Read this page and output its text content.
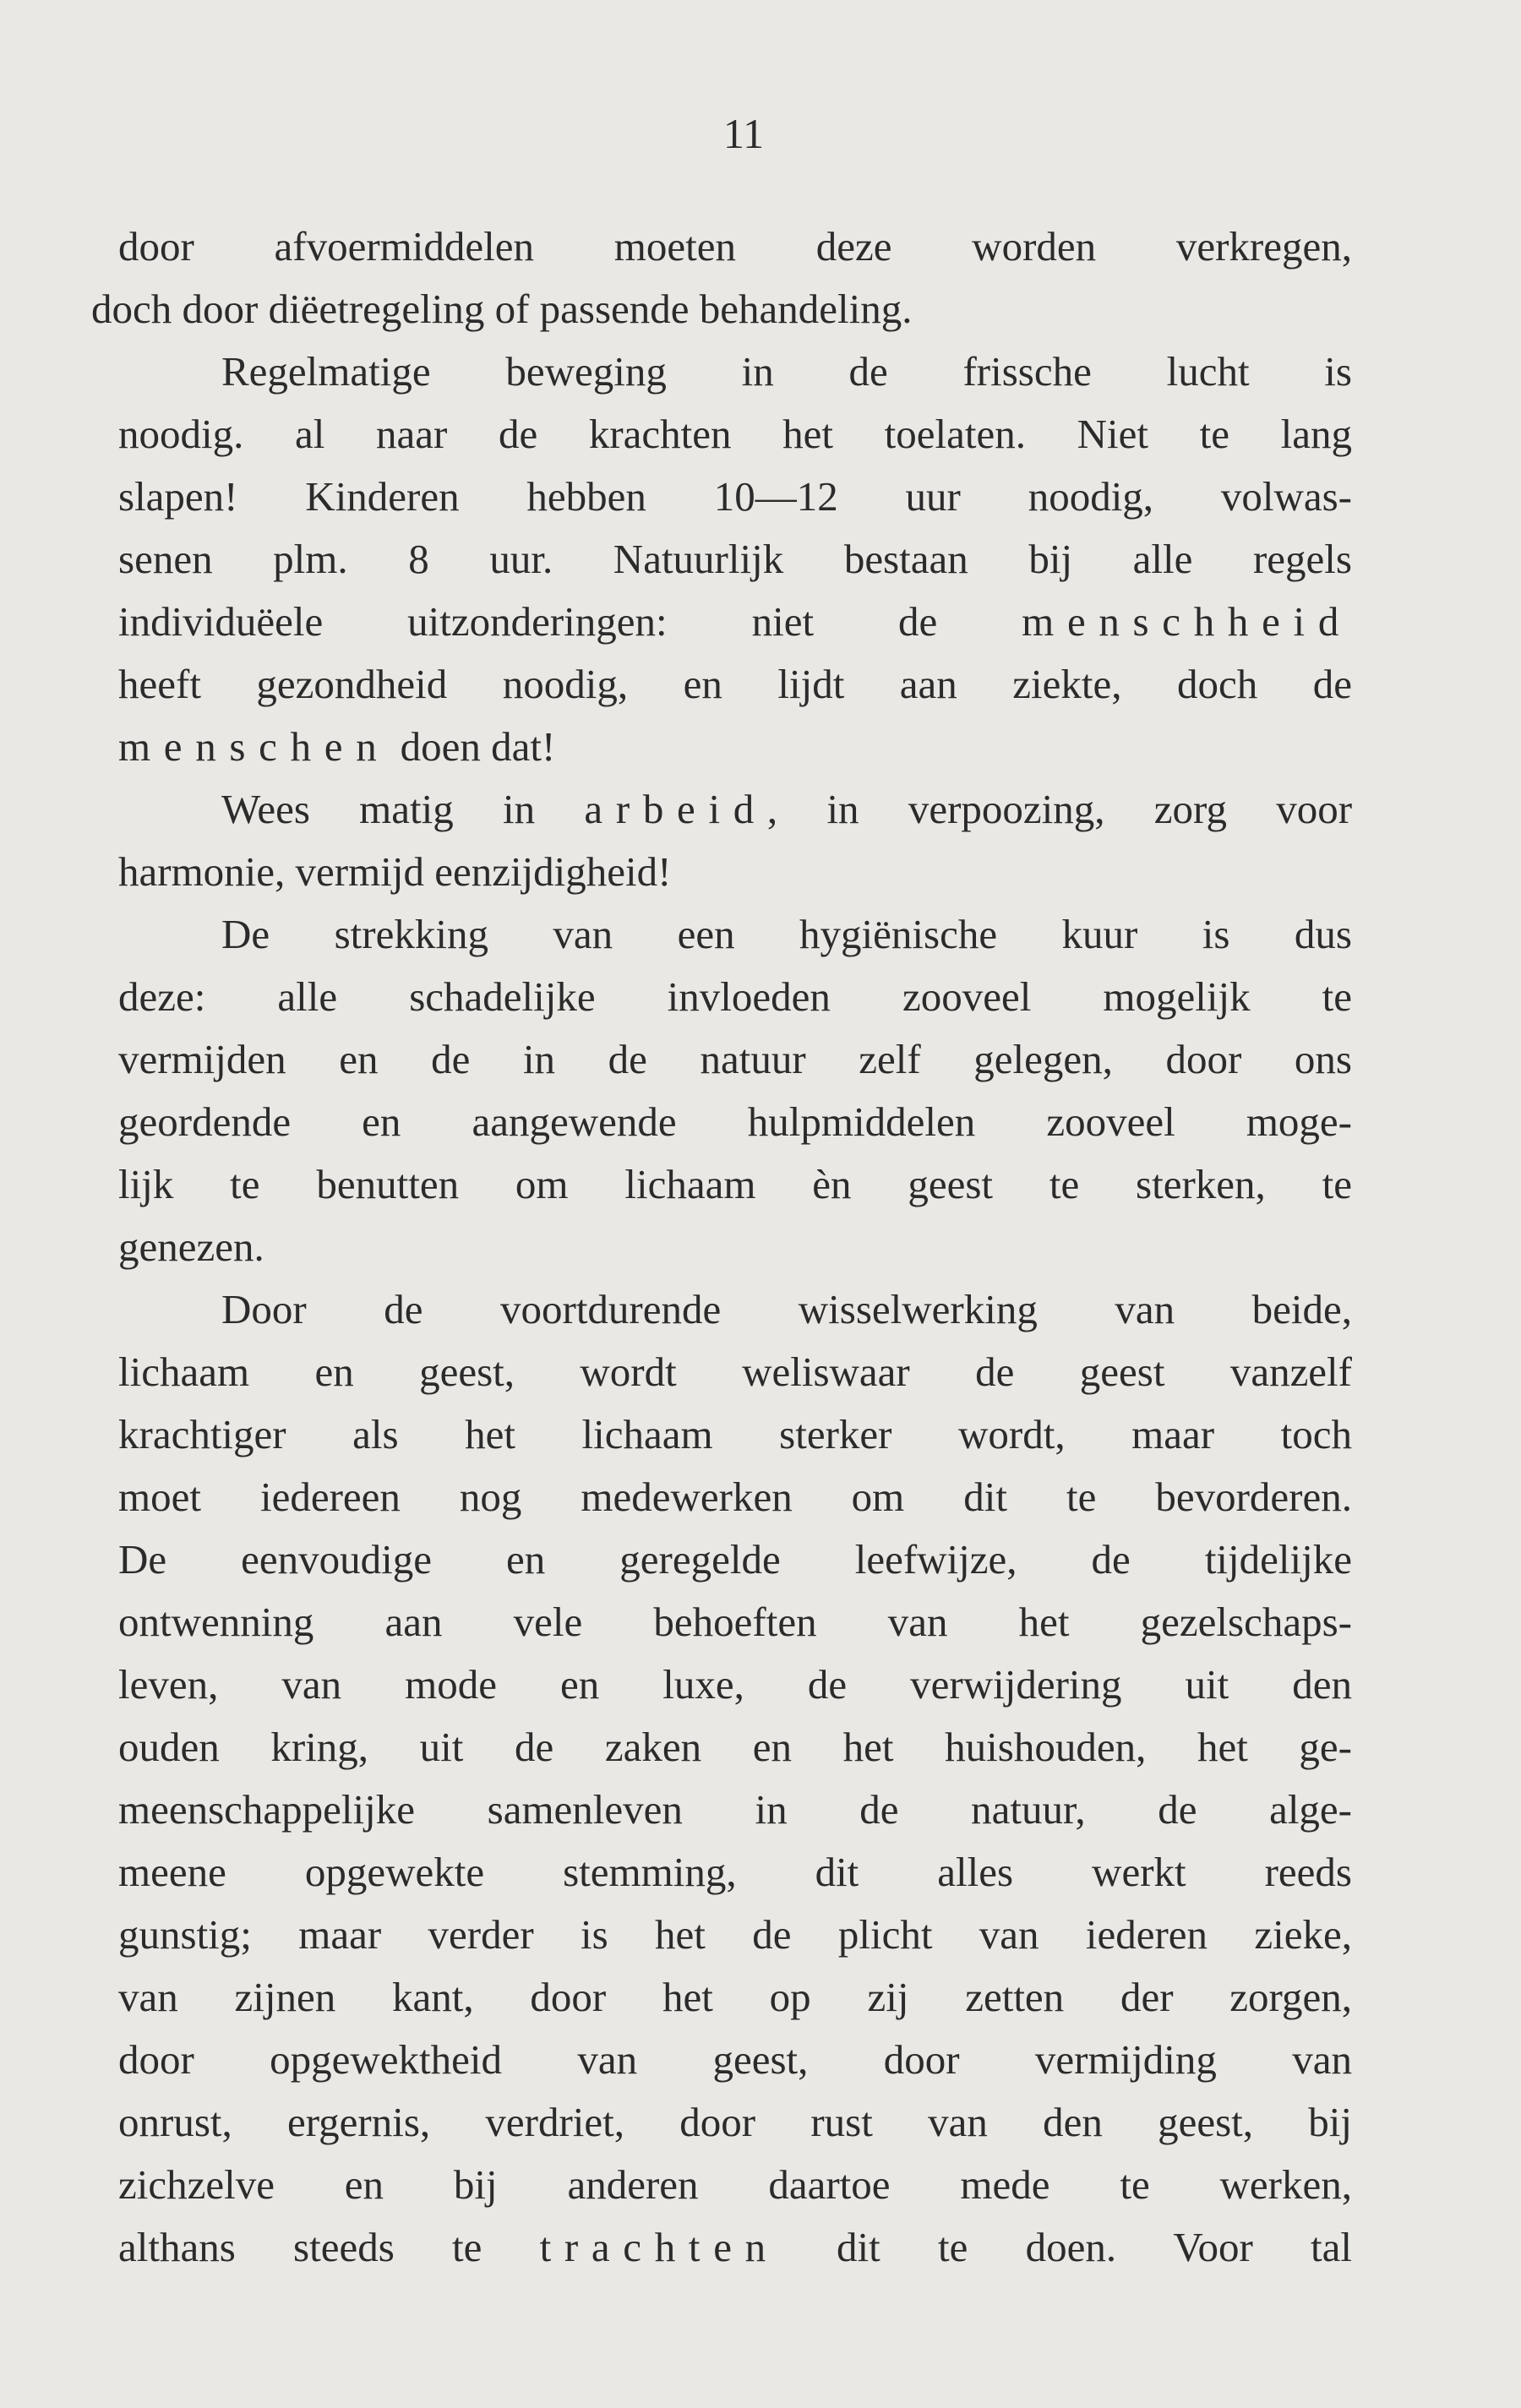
11
door afvoermiddelen moeten deze worden verkregen,
doch door diëetregeling of passende behandeling.
Regelmatige beweging in de frissche lucht is
noodig. al naar de krachten het toelaten. Niet te lang
slapen! Kinderen hebben 10—12 uur noodig, volwas-
senen plm. 8 uur. Natuurlijk bestaan bij alle regels
individuëele uitzonderingen: niet de menschheid
heeft gezondheid noodig, en lijdt aan ziekte, doch de
menschen doen dat!
Wees matig in arbeid, in verpoozing, zorg voor
harmonie, vermijd eenzijdigheid!
De strekking van een hygiënische kuur is dus
deze: alle schadelijke invloeden zooveel mogelijk te
vermijden en de in de natuur zelf gelegen, door ons
geordende en aangewende hulpmiddelen zooveel moge-
lijk te benutten om lichaam èn geest te sterken, te
genezen.
Door de voortdurende wisselwerking van beide,
lichaam en geest, wordt weliswaar de geest vanzelf
krachtiger als het lichaam sterker wordt, maar toch
moet iedereen nog medewerken om dit te bevorderen.
De eenvoudige en geregelde leefwijze, de tijdelijke
ontwenning aan vele behoeften van het gezelschaps-
leven, van mode en luxe, de verwijdering uit den
ouden kring, uit de zaken en het huishouden, het ge-
meenschappelijke samenleven in de natuur, de alge-
meene opgewekte stemming, dit alles werkt reeds
gunstig; maar verder is het de plicht van iederen zieke,
van zijnen kant, door het op zij zetten der zorgen,
door opgewektheid van geest, door vermijding van
onrust, ergernis, verdriet, door rust van den geest, bij
zichzelve en bij anderen daartoe mede te werken,
althans steeds te trachten dit te doen. Voor tal
